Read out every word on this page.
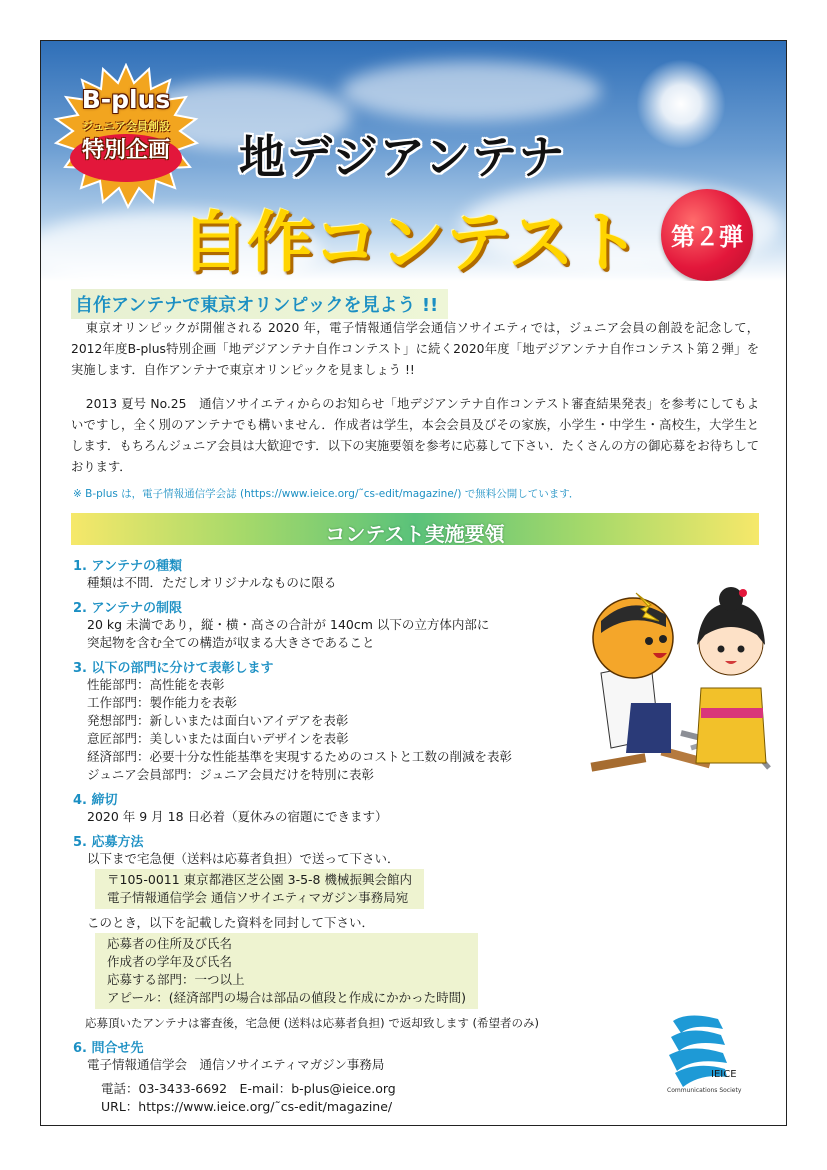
B-plus
ジュニア会員創設
特別企画	地デジアンテナ
自作コンテスト	第２弾
自作アンテナで東京オリンピックを見よう !!

東京オリンピックが開催される 2020 年，電子情報通信学会通信ソサイエティでは，ジュニア会員の創設を記念して，2012年度B-plus特別企画「地デジアンテナ自作コンテスト」に続く2020年度「地デジアンテナ自作コンテスト第２弾」を実施します．自作アンテナで東京オリンピックを見ましょう !!

2013 夏号 No.25　通信ソサイエティからのお知らせ「地デジアンテナ自作コンテスト審査結果発表」を参考にしてもよいですし，全く別のアンテナでも構いません．作成者は学生，本会会員及びその家族，小学生・中学生・高校生，大学生とします．もちろんジュニア会員は大歓迎です．以下の実施要領を参考に応募して下さい．たくさんの方の御応募をお待ちしております．

※ B-plus は，電子情報通信学会誌 (https://www.ieice.org/˜cs-edit/magazine/) で無料公開しています．
コンテスト実施要領
1. アンテナの種類
種類は不問．ただしオリジナルなものに限る
2. アンテナの制限
20 kg 未満であり，縦・横・高さの合計が 140cm 以下の立方体内部に
突起物を含む全ての構造が収まる大きさであること
3. 以下の部門に分けて表彰します
性能部門：高性能を表彰
工作部門：製作能力を表彰
発想部門：新しいまたは面白いアイデアを表彰
意匠部門：美しいまたは面白いデザインを表彰
経済部門：必要十分な性能基準を実現するためのコストと工数の削減を表彰
ジュニア会員部門：ジュニア会員だけを特別に表彰
4. 締切
2020 年 9 月 18 日必着（夏休みの宿題にできます）
5. 応募方法
以下まで宅急便（送料は応募者負担）で送って下さい．
〒105-0011 東京都港区芝公園 3-5-8 機械振興会館内
電子情報通信学会 通信ソサイエティマガジン事務局宛
このとき，以下を記載した資料を同封して下さい．
応募者の住所及び氏名
作成者の学年及び氏名
応募する部門：一つ以上
アピール：(経済部門の場合は部品の値段と作成にかかった時間)
応募頂いたアンテナは審査後，宅急便 (送料は応募者負担) で返却致します (希望者のみ)
6. 問合せ先
電子情報通信学会　通信ソサイエティマガジン事務局
電話：03-3433-6692　E-mail：b-plus@ieice.org
URL：https://www.ieice.org/˜cs-edit/magazine/
IEICE
Communications Society
